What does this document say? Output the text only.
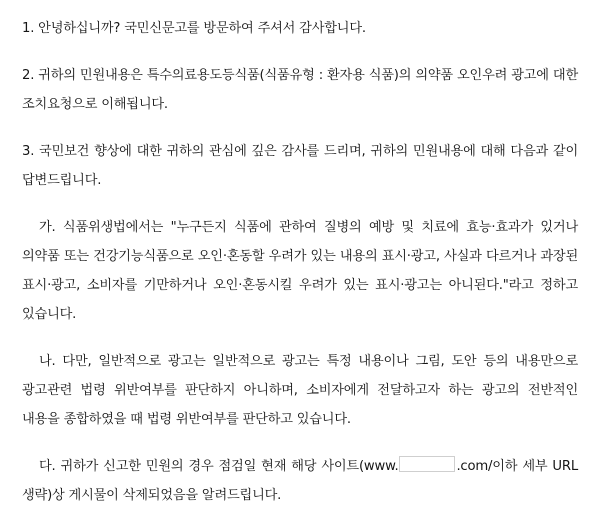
1. 안녕하십니까? 국민신문고를 방문하여 주셔서 감사합니다.

2. 귀하의 민원내용은 특수의료용도등식품(식품유형 : 환자용 식품)의 의약품 오인우려 광고에 대한 조치요청으로 이해됩니다.

3. 국민보건 향상에 대한 귀하의 관심에 깊은 감사를 드리며, 귀하의 민원내용에 대해 다음과 같이 답변드립니다.

가. 식품위생법에서는 "누구든지 식품에 관하여 질병의 예방 및 치료에 효능·효과가 있거나 의약품 또는 건강기능식품으로 오인·혼동할 우려가 있는 내용의 표시·광고, 사실과 다르거나 과장된 표시·광고, 소비자를 기만하거나 오인·혼동시킬 우려가 있는 표시·광고는 아니된다."라고 정하고 있습니다.

나. 다만, 일반적으로 광고는 일반적으로 광고는 특정 내용이나 그림, 도안 등의 내용만으로 광고관련 법령 위반여부를 판단하지 아니하며, 소비자에게 전달하고자 하는 광고의 전반적인 내용을 종합하였을 때 법령 위반여부를 판단하고 있습니다.

다. 귀하가 신고한 민원의 경우 점검일 현재 해당 사이트(www.	.com/이하 세부 URL 생략)상 게시물이 삭제되었음을 알려드립니다.
